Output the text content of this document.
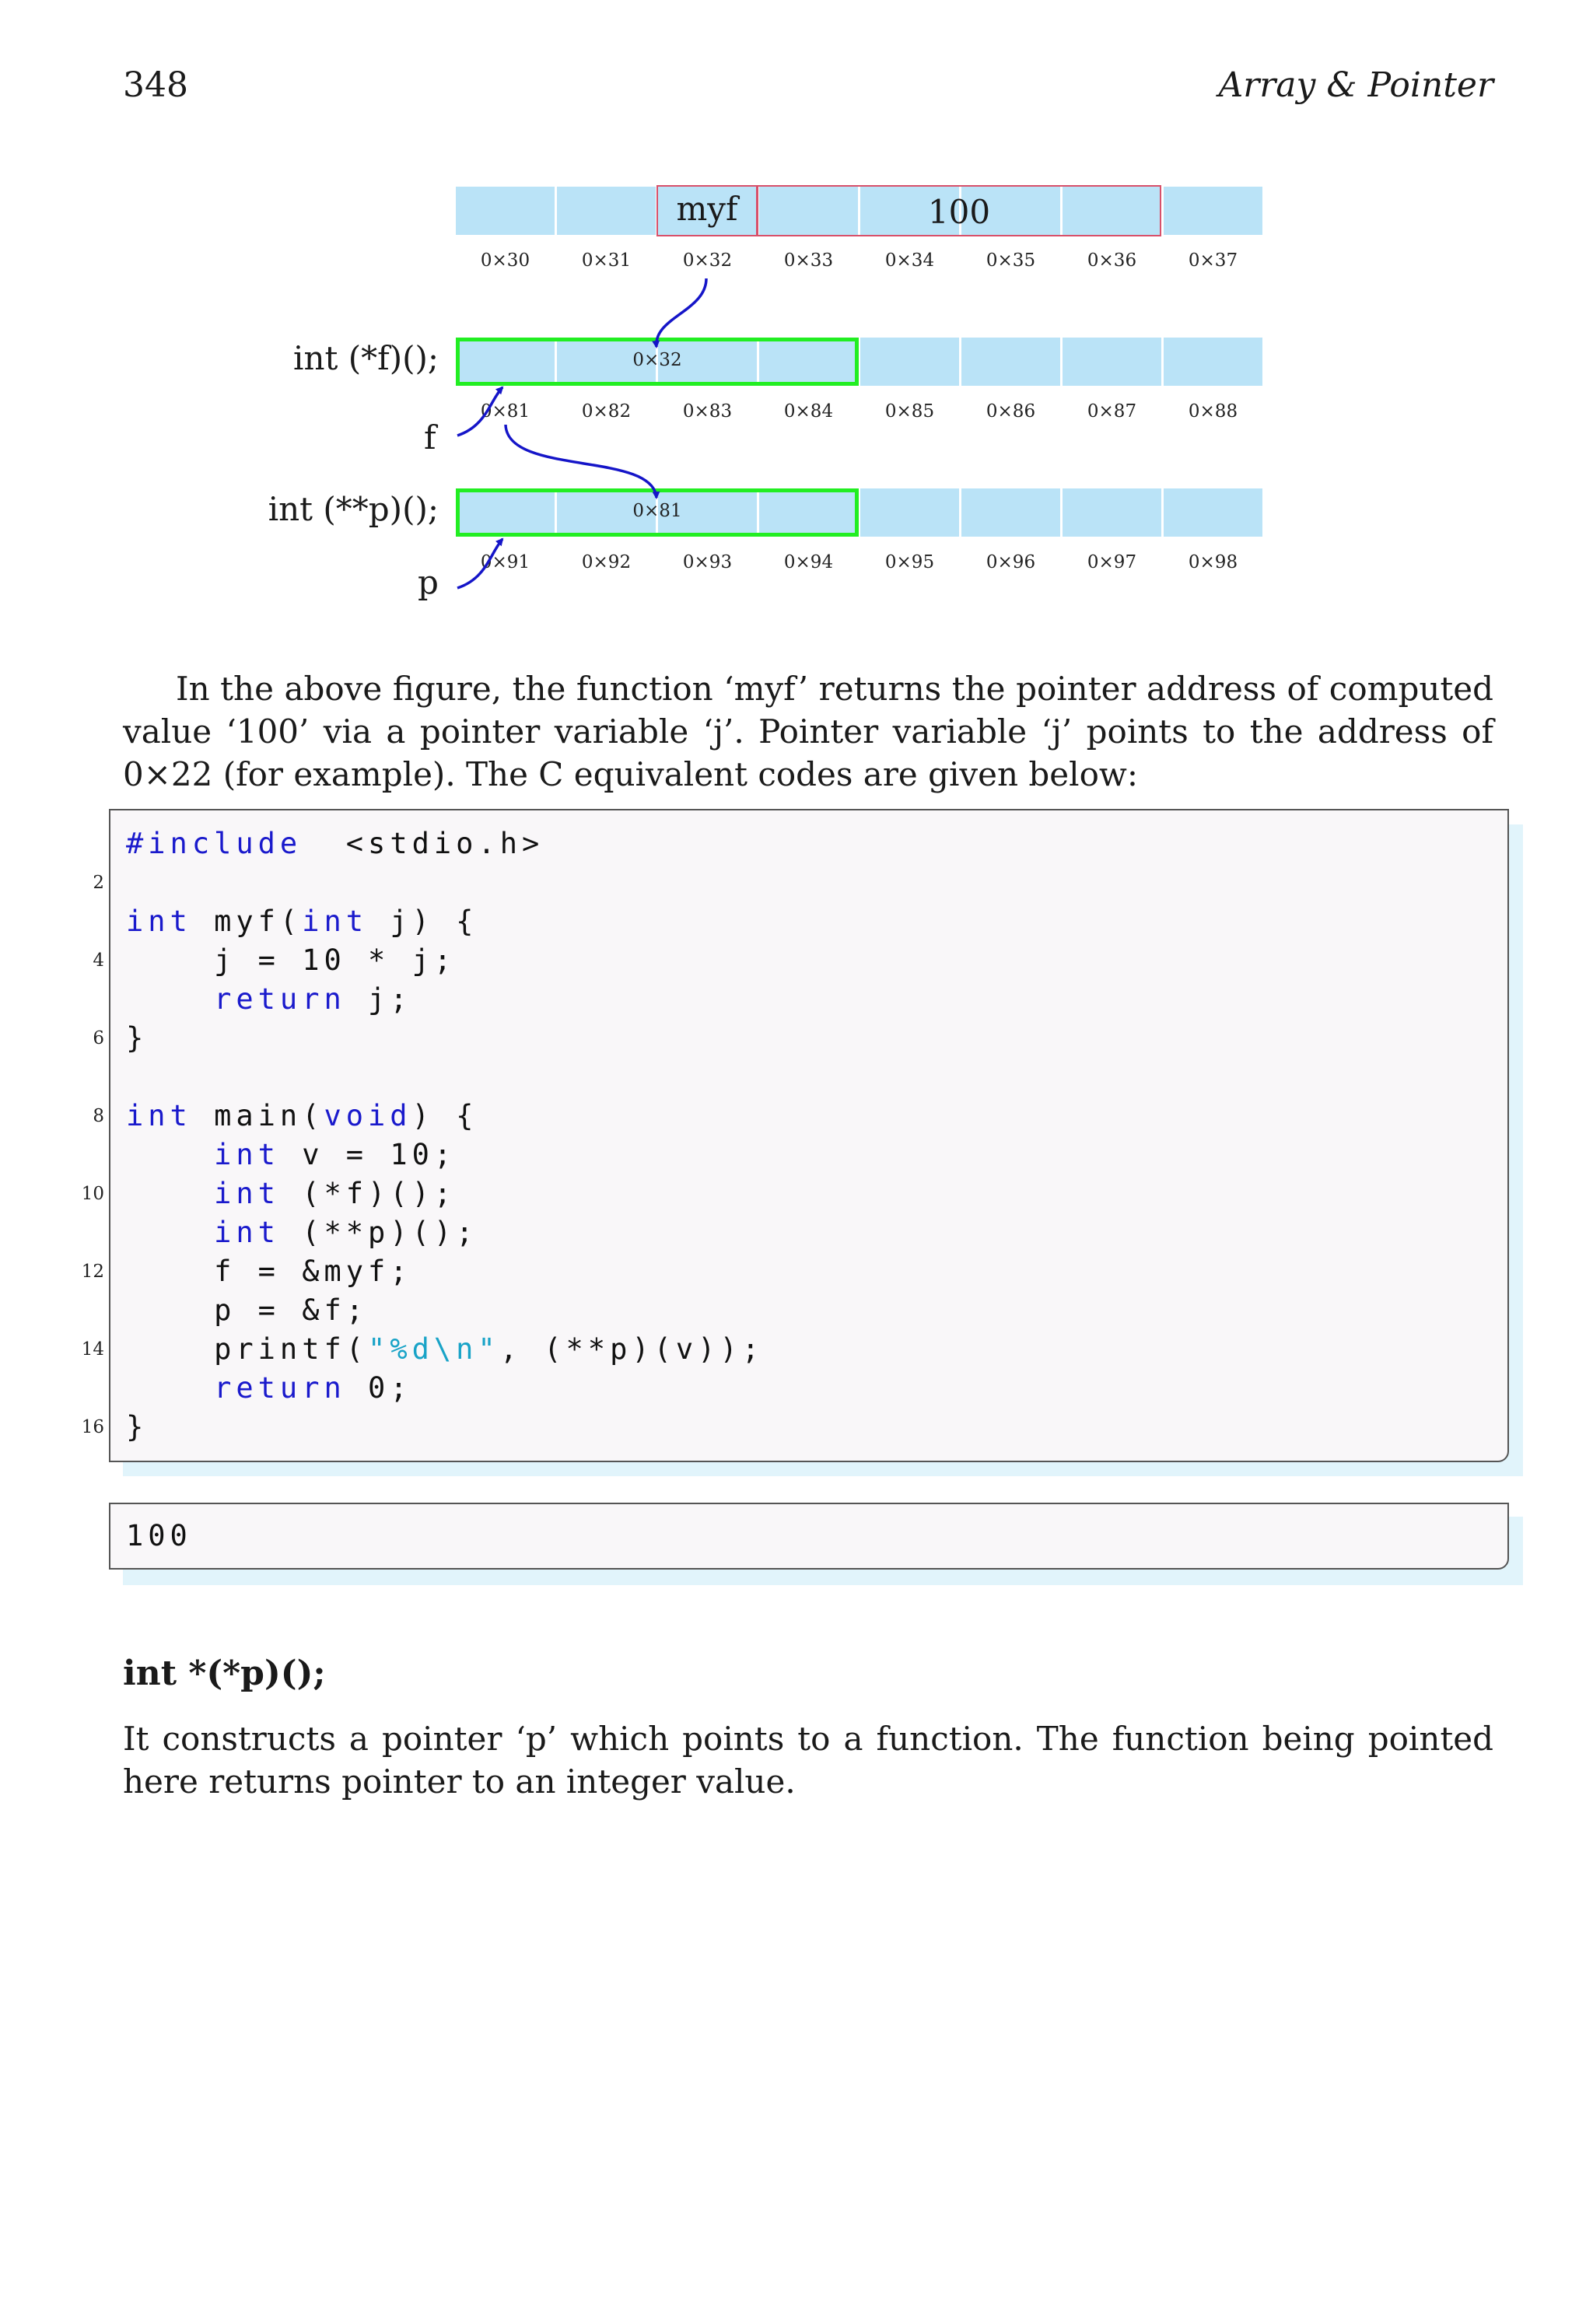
348	Array & Pointer
myf	100
0×30	0×31	0×32	0×33	0×34	0×35	0×36	0×37
int (*f)();
f
0×32
0×81	0×82	0×83	0×84	0×85	0×86	0×87	0×88
int (**p)();
p
0×81
0×91	0×92	0×93	0×94	0×95	0×96	0×97	0×98
In the above figure, the function ‘myf’ returns the pointer address of computed value ‘100’ via a pointer variable ‘j’. Pointer variable ‘j’ points to the address of 0×22 (for example). The C equivalent codes are given below:
#include  <stdio.h>
int myf(int j) {
j = 10 * j;
return j;
}
int main(void) {
int v = 10;
int (*f)();
int (**p)();
f = &myf;
p = &f;
printf("%d\n", (**p)(v));
return 0;
}
2
4
6
8
10
12
14
16
100
int *(*p)();
It constructs a pointer ‘p’ which points to a function. The function being pointed here returns pointer to an integer value.
